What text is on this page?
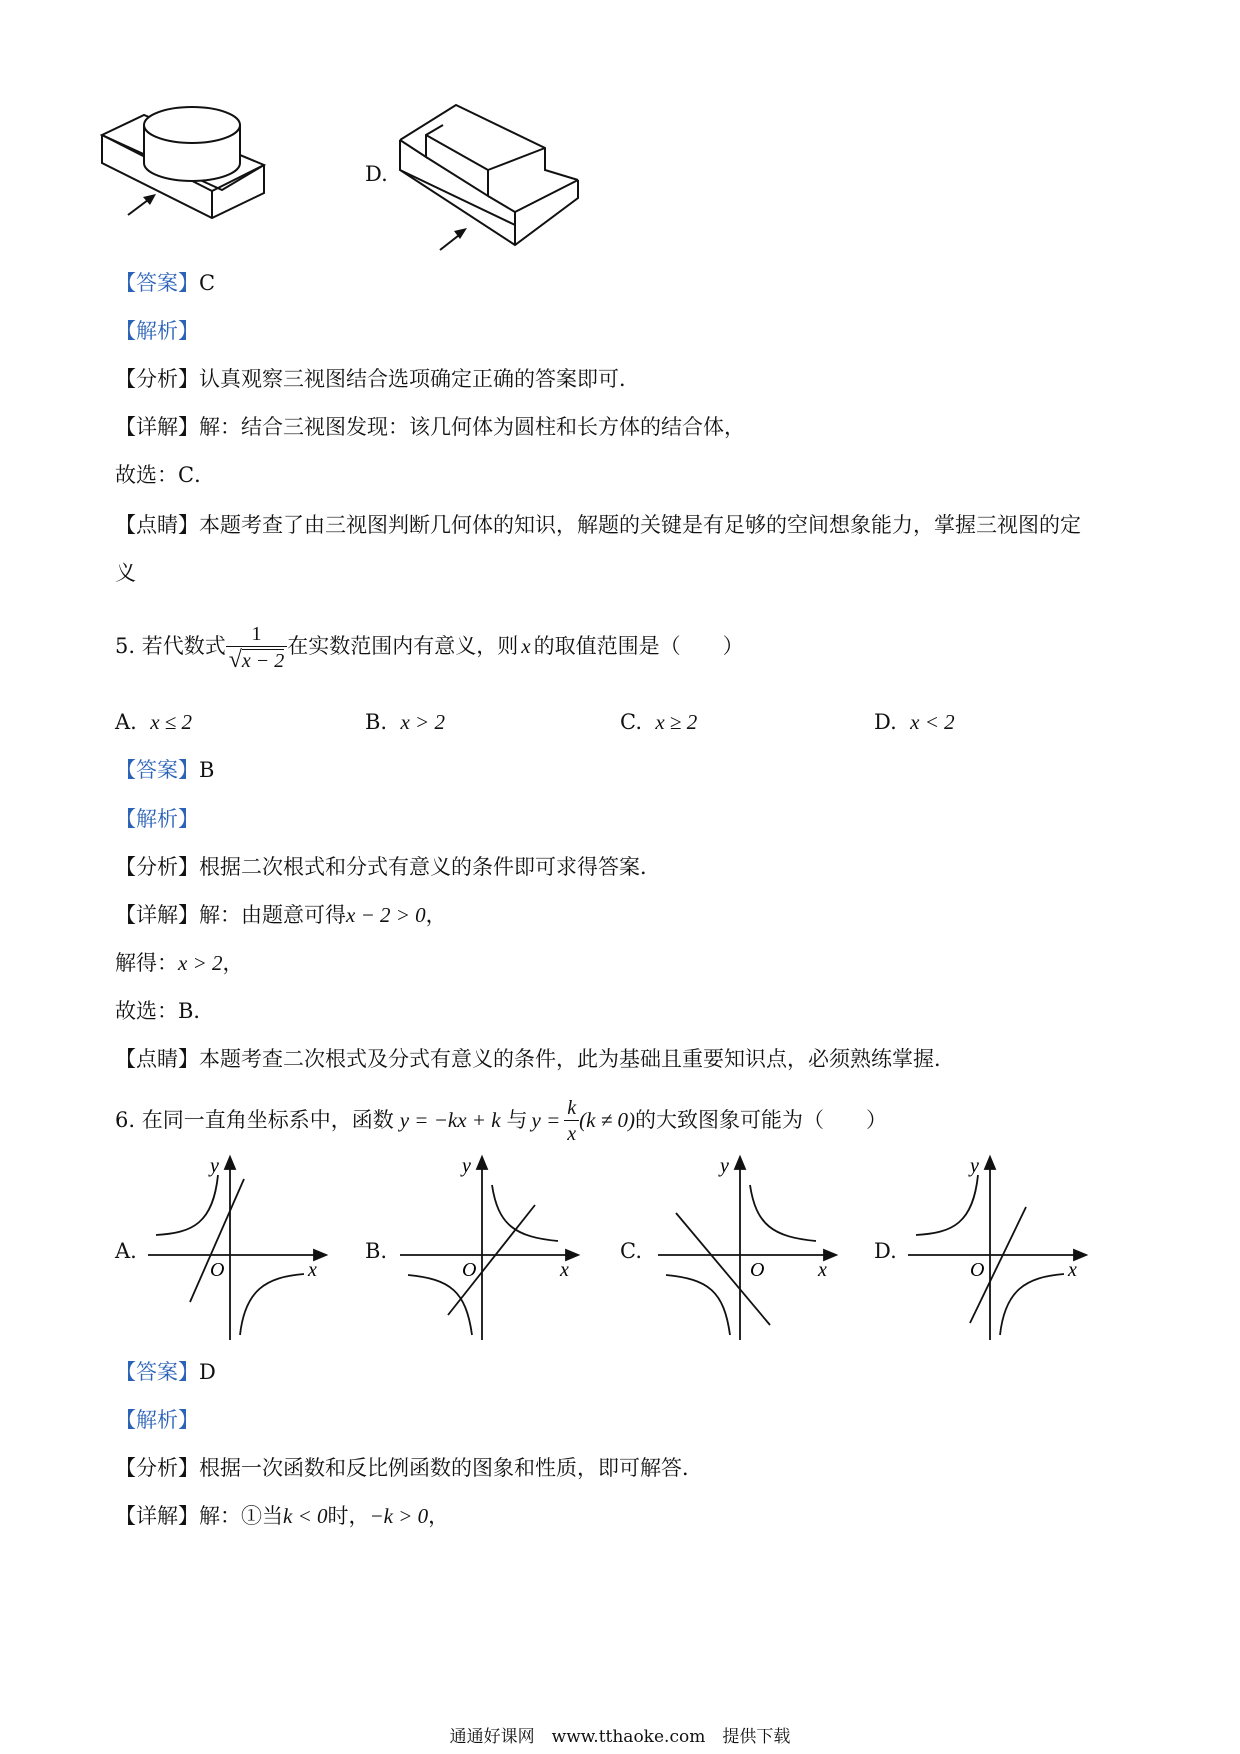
D.
【答案】C
【解析】
【分析】认真观察三视图结合选项确定正确的答案即可．
【详解】解：结合三视图发现：该几何体为圆柱和长方体的结合体，
故选：C．
【点睛】本题考查了由三视图判断几何体的知识，解题的关键是有足够的空间想象能力，掌握三视图的定
义
5. 若代数式 $\frac{1}{√x - 2}$ 在实数范围内有意义，则 x 的取值范围是（　　）
A. x ≤ 2	B. x > 2	C. x ≥ 2	D. x < 2
【答案】B
【解析】
【分析】根据二次根式和分式有意义的条件即可求得答案．
【详解】解：由题意可得x − 2 > 0，
解得：x > 2，
故选：B．
【点睛】本题考查二次根式及分式有意义的条件，此为基础且重要知识点，必须熟练掌握．
6. 在同一直角坐标系中，函数 y = −kx + k 与 $y = \frac{k}{x} (k \ne 0)$的大致图象可能为（　　）
A.	B.	C.	D.
y
x
O
y
x
O
y
x
O
y
x
O
【答案】D
【解析】
【分析】根据一次函数和反比例函数的图象和性质，即可解答．
【详解】解：①当k < 0时，−k > 0，
通通好课网　www.tthaoke.com　提供下载
